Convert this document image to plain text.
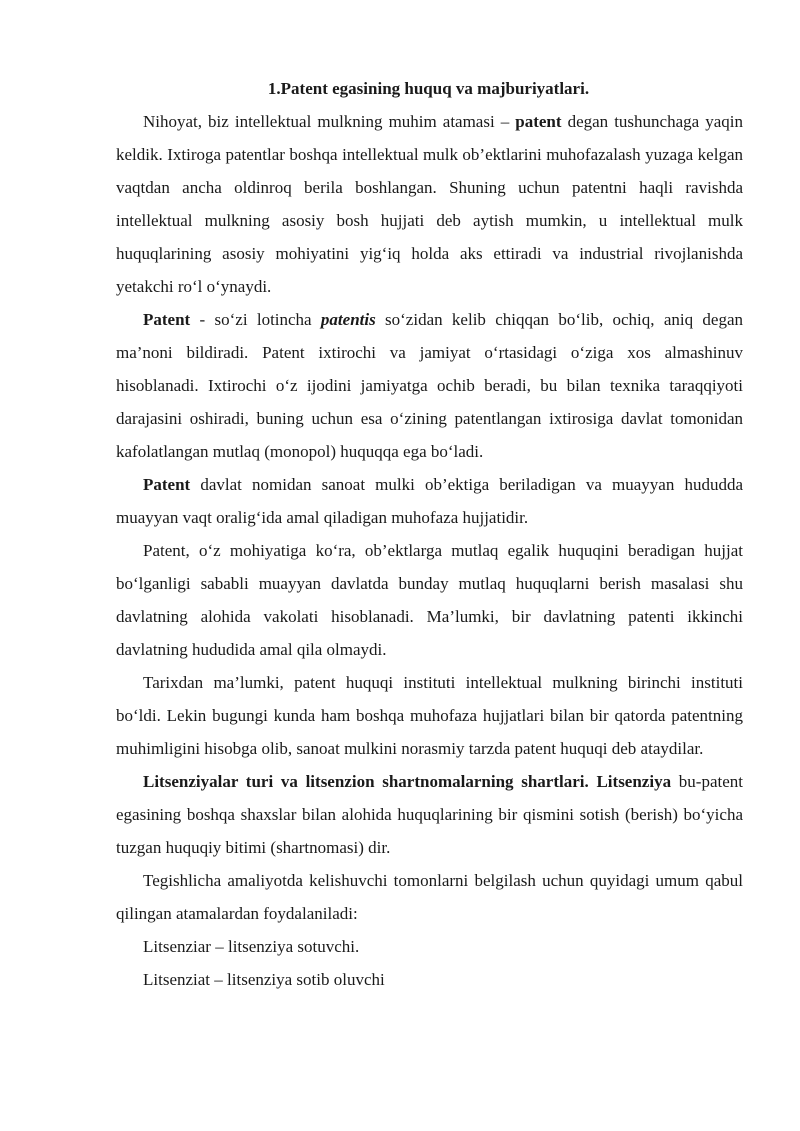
1.Patent egasining huquq va majburiyatlari.

Nihoyat, biz intellektual mulkning muhim atamasi – patent degan tushunchaga yaqin keldik. Ixtiroga patentlar boshqa intellektual mulk ob’ektlarini muhofazalash yuzaga kelgan vaqtdan ancha oldinroq berila boshlangan. Shuning uchun patentni haqli ravishda intellektual mulkning asosiy bosh hujjati deb aytish mumkin, u intellektual mulk huquqlarining asosiy mohiyatini yig‘iq holda aks ettiradi va industrial rivojlanishda yetakchi ro‘l o‘ynaydi.

Patent - so‘zi lotincha patentis so‘zidan kelib chiqqan bo‘lib, ochiq, aniq degan ma’noni bildiradi. Patent ixtirochi va jamiyat o‘rtasidagi o‘ziga xos almashinuv hisoblanadi. Ixtirochi o‘z ijodini jamiyatga ochib beradi, bu bilan texnika taraqqiyoti darajasini oshiradi, buning uchun esa o‘zining patentlangan ixtirosiga davlat tomonidan kafolatlangan mutlaq (monopol) huquqqa ega bo‘ladi.

Patent davlat nomidan sanoat mulki ob’ektiga beriladigan va muayyan hududda muayyan vaqt oralig‘ida amal qiladigan muhofaza hujjatidir.

Patent, o‘z mohiyatiga ko‘ra, ob’ektlarga mutlaq egalik huquqini beradigan hujjat bo‘lganligi sababli muayyan davlatda bunday mutlaq huquqlarni berish masalasi shu davlatning alohida vakolati hisoblanadi. Ma’lumki, bir davlatning patenti ikkinchi davlatning hududida amal qila olmaydi.

Tarixdan ma’lumki, patent huquqi instituti intellektual mulkning birinchi instituti bo‘ldi. Lekin bugungi kunda ham boshqa muhofaza hujjatlari bilan bir qatorda patentning muhimligini hisobga olib, sanoat mulkini norasmiy tarzda patent huquqi deb ataydilar.

Litsenziyalar turi va litsenzion shartnomalarning shartlari. Litsenziya bu-patent egasining boshqa shaxslar bilan alohida huquqlarining bir qismini sotish (berish) bo‘yicha tuzgan huquqiy bitimi (shartnomasi) dir.

Tegishlicha amaliyotda kelishuvchi tomonlarni belgilash uchun quyidagi umum qabul qilingan atamalardan foydalaniladi:

Litsenziar – litsenziya sotuvchi.

Litsenziat – litsenziya sotib oluvchi
